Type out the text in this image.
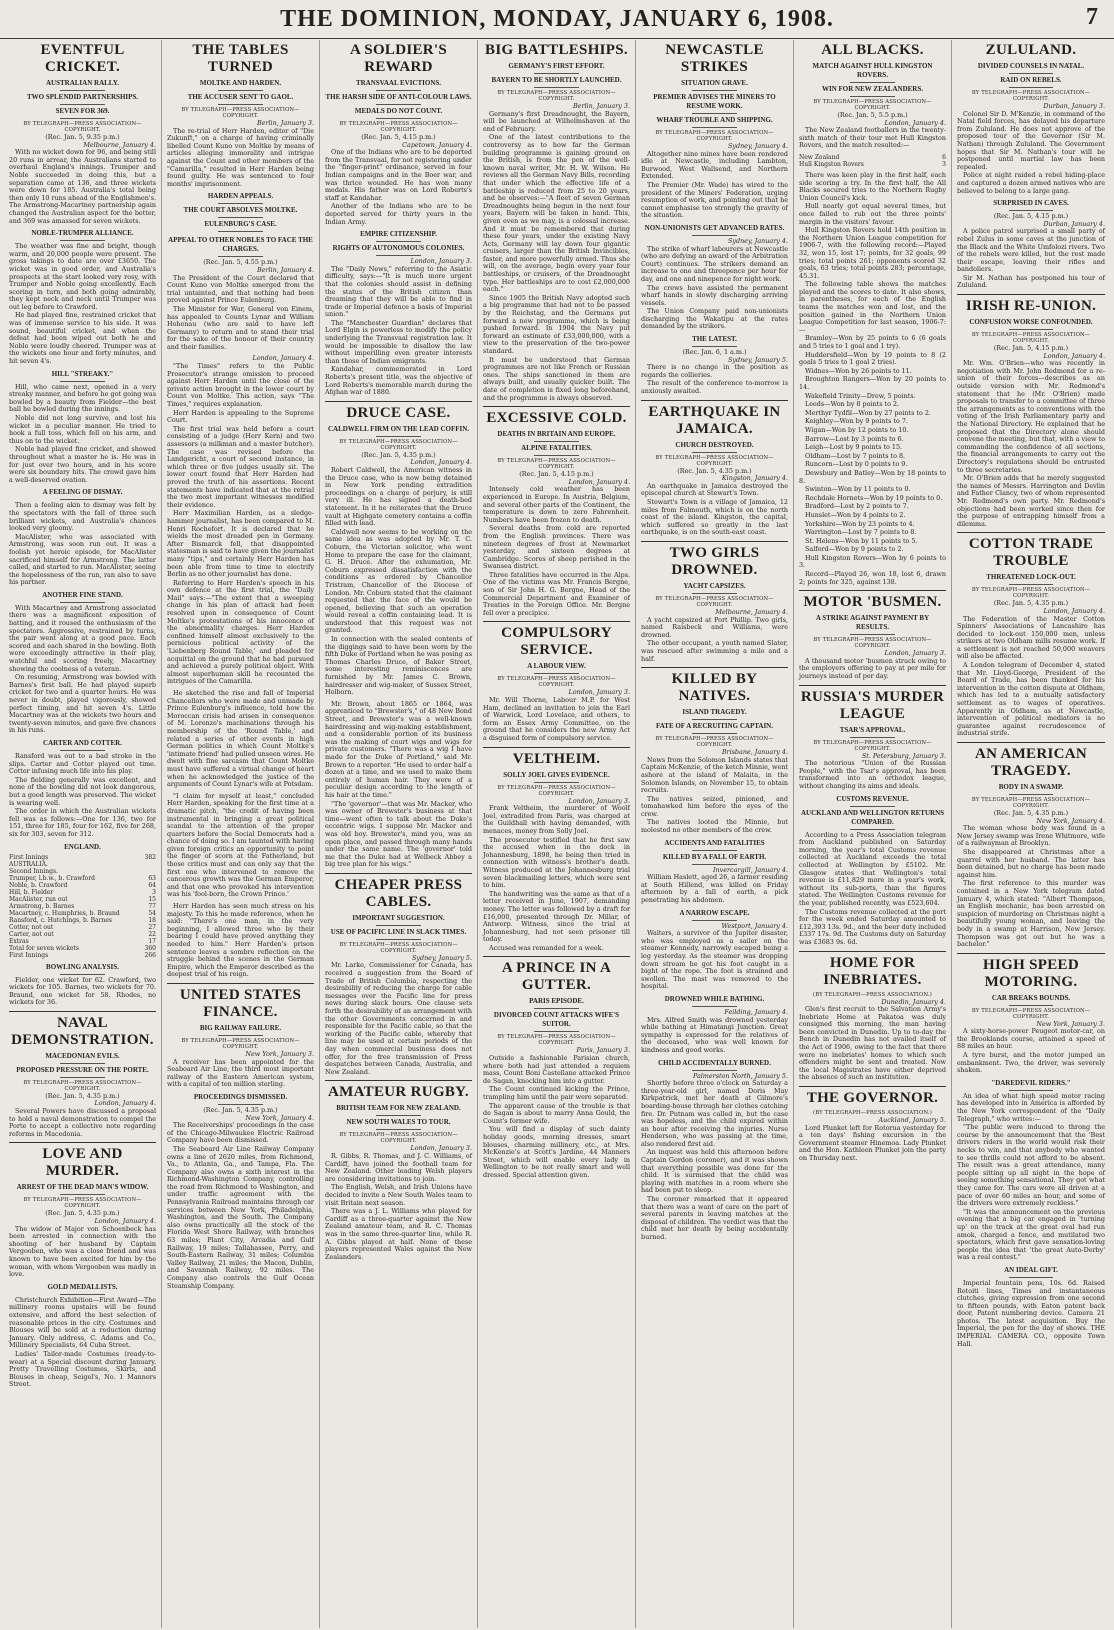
THE DOMINION, MONDAY, JANUARY 6, 1908.	7
EVENTFUL CRICKET.
AUSTRALIAN RALLY.
TWO SPLENDID PARTNERSHIPS.
SEVEN FOR 369.
BY TELEGRAPH—PRESS ASSOCIATION—COPYRIGHT.
(Rec. Jan. 5, 9.35 p.m.)
Melbourne, January 4.
With no wicket down for 96, and being still 20 runs in arrear, the Australians started to overhaul England's innings. Trumper and Noble succeeded in doing this, but a separation came at 136, and three wickets were down for 185. Australia's total being then only 10 runs ahead of the Englishmen's. The Armstrong-Macartney partnership again changed the Australian aspect for the better, and 369 was amassed for seven wickets.
NOBLE-TRUMPER ALLIANCE.
The weather was fine and bright, though warm, and 20,000 people were present. The gross takings to date are over £3650. The wicket was in good order, and Australia's prospects at the start looked very rosy, with Trumper and Noble going excellently. Each scoring in turn, and both going admirably, they kept neck and neck until Trumper was out leg before to Crawford.
He had played fine, restrained cricket that was of immense service to his side. It was sound, beautiful cricket, and when the defeat had been wiped out both he and Noble were loudly cheered. Trumper was at the wickets one hour and forty minutes, and hit seven 4's.
HILL "STREAKY."
Hill, who came next, opened in a very streaky manner, and before he got going was bowled by a beauty from Fielder—the best ball he bowled during the innings.
Noble did not long survive, and lost his wicket in a peculiar manner. He tried to hook a full toss, which fell on his arm, and thus on to the wicket.
Noble had played fine cricket, and showed throughout what a master he is. He was in for just over two hours, and in his score were six boundary hits. The crowd gave him a well-deserved ovation.
A FEELING OF DISMAY.
Then a feeling akin to dismay was felt by the spectators with the fall of three such brilliant wickets, and Australia's chances looked very gloomy.
MacAlister, who was associated with Armstrong, was soon run out. It was a foolish yet heroic episode, for MacAlister sacrificed himself for Armstrong. The latter called, and started to run. MacAlister, seeing the hopelessness of the run, ran also to save his partner.
ANOTHER FINE STAND.
With Macartney and Armstrong associated there was a magnificent exposition of batting, and it roused the enthusiasm of the spectators. Aggressive, restrained by turns, the pair went along at a good pace. Each scored and each shared in the bowling. Both were exceedingly attractive in their play, watchful and scoring freely, Macartney showing the coolness of a veteran.
On resuming, Armstrong was bowled with Barnes's first ball. He had played superb cricket for two and a quarter hours. He was never in doubt, played vigorously, showed perfect timing, and hit seven 4's. Little Macartney was at the wickets two hours and twenty-seven minutes, and gave five chances in his runs.
CARTER AND COTTER.
Ransford was out to a bad stroke in the slips. Carter and Cotter played out time. Cotter infusing much life into his play.
The fielding generally was excellent, and none of the bowling did not look dangerous, but a good length was preserved. The wicket is wearing well.
The order in which the Australian wickets fell was as follows:—One for 136, two for 151, three for 185, four for 162, five for 268, six for 303, seven for 312.
ENGLAND.
First Innings	382
AUSTRALIA.	
Second Innings.	
Trumper, l.b.w., b. Crawford	63
Noble, b. Crawford	64
Hill, b. Fielder	3
MacAlister, run out	15
Armstrong, b. Barnes	77
Macartney, c. Humphries, b. Braund	54
Ransford, c. Hutchings, b. Barnes	18
Cotter, not out	27
Carter, not out	22
Extras	17
Total for seven wickets	360
First Innings	266
BOWLING ANALYSIS.
Fielder, one wicket for 62. Crawford, two wickets for 105. Barnes, two wickets for 70. Braund, one wicket for 58. Rhodes, no wickets for 36.
NAVAL DEMONSTRATION.
MACEDONIAN EVILS.
PROPOSED PRESSURE ON THE PORTE.
BY TELEGRAPH—PRESS ASSOCIATION—COPYRIGHT.
(Rec. Jan. 5, 4.35 p.m.)
London, January 4.
Several Powers have discussed a proposal to hold a naval demonstration to compel the Porte to accept a collective note regarding reforms in Macedonia.
LOVE AND MURDER.
ARREST OF THE DEAD MAN'S WIDOW.
BY TELEGRAPH—PRESS ASSOCIATION—COPYRIGHT.
(Rec. Jan. 5, 4.35 p.m.)
London, January 4.
The widow of Major von Schoenbeck has been arrested in connection with the shooting of her husband by Captain Vergooben, who was a close friend and was known to have been excited for him by the woman, with whom Vergooben was madly in love.
GOLD MEDALLISTS.
Christchurch Exhibition—First Award—The millinery rooms upstairs will be found extensive, and afford the best selection of reasonable prices in the city. Costumes and Blouses will be sold at a reduction during January. Only address, C. Adams and Co., Millinery Specialists, 64 Cuba Street.
Ladies' Tailor-made Costumes (ready-to-wear) at a Special discount during January. Pretty Travelling Costumes, Skirts, and Blouses in cheap, Seigel's, No. 1 Manners Street.
THE TABLES TURNED
MOLTKE AND HARDEN.
THE ACCUSER SENT TO GAOL.
BY TELEGRAPH—PRESS ASSOCIATION—COPYRIGHT.
Berlin, January 3.
The re-trial of Herr Harden, editor of "Die Zukunft," on a charge of having criminally libelled Count Kuno von Moltke by means of articles alleging immorality and intrigue against the Count and other members of the "Camarilla," resulted in Herr Harden being found guilty. He was sentenced to four months' imprisonment.
HARDEN APPEALS.
THE COURT ABSOLVES MOLTKE.
EULENBURG'S CASE.
APPEAL TO OTHER NOBLES TO FACE THE CHARGES.
(Rec. Jan. 5, 4.55 p.m.)
Berlin, January 4.
The President of the Court declared that Count Kuno von Moltke emerged from the trial untainted, and that nothing had been proved against Prince Eulenburg.
The Minister for War, General von Einem, has appealed to Counts Lynar and William Hohenau (who are said to have left Germany) to return and to stand their trial for the sake of the honour of their country and their families.
London, January 4.
"The Times" refers to the Public Prosecutor's strange omission to proceed against Herr Harden until the close of the private action brought in the lower court by Count von Moltke. This action, says "The Times," requires explanation.
Herr Harden is appealing to the Supreme Court.
The first trial was held before a court consisting of a judge (Herr Kern) and two assessors (a milkman and a master butcher). The case was revised before the Landgericht, a court of second instance, in which three or five judges usually sit. The lower court found that Herr Harden had proved the truth of his assertions. Recent statements have indicated that at the retrial the two most important witnesses modified their evidence.
Herr Maximilian Harden, as a sledge-hammer journalist, has been compared to M. Henri Rochefort. It is declared that he wields the most dreaded pen in Germany. After Bismarck fell, that disappointed statesman is said to have given the journalist many "tips," and certainly Herr Harden has been able from time to time to electrify Berlin as no other journalist has done.
Referring to Herr Harden's speech in his own defence at the first trial, the "Daily Mail" says:—"The extent that a sweeping change in his plan of attack had been resolved upon in consequence of Count Moltke's protestations of his innocence of the abnormality charges. Herr Harden confined himself almost exclusively to the pernicious political activity of the 'Liebenberg Round Table,' and pleaded for acquittal on the ground that he had pursued and achieved a purely political object. With almost superhuman skill he recounted the intrigues of the Camarilla.
He sketched the rise and fall of Imperial Chancellors who were made and unmade by Prince Eulenburg's influence, told how the Moroccan crisis had arisen in consequence of M. Lorenze's machinations through his membership of the 'Round Table,' and related a series of other events in high German politics in which Count Moltke's 'intimate friend' had pulled unseen wires. He dwelt with fine sarcasm that Count Moltke must have suffered a virtual change of heart when he acknowledged the justice of the arguments of Count Lynar's wife at Potsdam.
"I claim for myself at least," concluded Herr Harden, speaking for the first time at a dramatic pitch, "the credit of having been instrumental in bringing a great political scandal to the attention of the proper quarters before the Social Democrats had a chance of doing so. I am taunted with having given foreign critics an opportunity to point the finger of scorn at the Fatherland, but those critics must and can only say that the first one who intervened to remove the cancerous growth was the German Emperor, and that one who provoked his intervention was his 'fool-born, the Crown Prince.'
Herr Harden has seen much stress on his majesty. To this he made reference, when he said: "There's one man, in the very beginning, I allowed three who by their bearing I could have proved anything they needed to him." Herr Harden's prison sentence leaves a sombre reflection on the struggle behind the scenes in the German Empire, which the Emperor described as the deepest trial of his reign.
UNITED STATES FINANCE.
BIG RAILWAY FAILURE.
BY TELEGRAPH—PRESS ASSOCIATION—COPYRIGHT.
New York, January 3.
A receiver has been appointed for the Seaboard Air Line, the third most important railway of the Eastern American system, with a capital of ten million sterling.
PROCEEDINGS DISMISSED.
(Rec. Jan. 5, 4.35 p.m.)
New York, January 4.
The Receiverships' proceedings in the case of the Chicago-Milwaukee Electric Railroad Company have been dismissed.
The Seaboard Air Line Railway Company owns a line of 2620 miles, from Richmond, Va., to Atlanta, Ga., and Tampa, Fla. The Company also owns a sixth interest in the Richmond-Washington Company, controlling the road from Richmond to Washington, and under traffic agreement with the Pennsylvania Railroad maintains through car services between New York, Philadelphia, Washington, and the South. The Company also owns practically all the stock of the Florida West Shore Railway, with branches 63 miles; Plant City, Arcadia and Gulf Railway, 19 miles; Tallahassee, Perry, and South-Eastern Railway, 31 miles; Columbia Valley Railway, 21 miles; the Macon, Dublin, and Savannah Railway, 92 miles. The Company also controls the Gulf Ocean Steamship Company.
A SOLDIER'S REWARD
TRANSVAAL EVICTIONS.
THE HARSH SIDE OF ANTI-COLOUR LAWS.
MEDALS DO NOT COUNT.
BY TELEGRAPH—PRESS ASSOCIATION—COPYRIGHT.
(Rec. Jan. 5, 4.15 p.m.)
Capetown, January 4.
One of the Indians who are to be deported from the Transvaal, for not registering under the "finger-print" ordinance, served in four Indian campaigns and in the Boer war, and was thrice wounded. He has won many medals. His father was on Lord Roberts's staff at Kandahar.
Another of the Indians who are to be deported served for thirty years in the Indian Army.
EMPIRE CITIZENSHIP.
RIGHTS OF AUTONOMOUS COLONIES.
London, January 3.
The "Daily News," referring to the Asiatic difficulty, says:—"It is much more urgent that the colonies should assist in defining the status of the British citizen than dreaming that they will be able to find in trade or Imperial defence a basis of Imperial union."
The "Manchester Guardian" declares that Lord Elgin is powerless to modify the policy underlying the Transvaal registration law. It would be impossible to disallow the law without imperilling even greater interests than those of Indian emigrants.
Kandahar, commemorated in Lord Roberts's present title, was the objective of Lord Roberts's memorable march during the Afghan war of 1880.
DRUCE CASE.
CALDWELL FIRM ON THE LEAD COFFIN.
BY TELEGRAPH—PRESS ASSOCIATION—COPYRIGHT.
(Rec. Jan. 5, 4.35 p.m.)
London, January 4.
Robert Caldwell, the American witness in the Druce case, who is now being detained in New York pending extradition proceedings on a charge of perjury, is still very ill. He has signed a death-bed statement. In it he reiterates that the Druce vault at Highgate cemetery contains a coffin filled with lead.
Caldwell now seems to be working on the same idea as was adopted by Mr. T. C. Coburn, the Victorian solicitor, who went Home to prepare the case for the claimant, G. H. Druce. After the exhumation, Mr. Coburn expressed dissatisfaction with the conditions as ordered by Chancellor Tristram, Chancellor of the Diocese of London. Mr. Coburn stated that the claimant requested that the face of the would be opened, believing that such an operation would reveal a coffin containing lead. It is understood that this request was not granted.
In connection with the sealed contents of the diggings said to have been worn by the fifth Duke of Portland when he was posing as Thomas Charles Druce, of Baker Street, some interesting reminiscences are furnished by Mr. James C. Brown, hairdresser and wig-maker, of Sussex Street, Holborn.
Mr. Brown, about 1865 or 1864, was apprenticed to "Brewster's," of 48 New Bond Street, and Brewster's was a well-known hairdressing and wig-making establishment, and a considerable portion of its business was the making of court wigs and wigs for private customers. "There was a wig I have made for the Duke of Portland," said Mr. Brown to a reporter. "He used to order half a dozen at a time, and we used to make them entirely of human hair. They were of a peculiar design according to the length of his hair at the time."
"The 'governor'—that was Mr. Macker, who was owner of Brewster's business at that time—went often to talk about the Duke's eccentric wigs. I suppose Mr. Macker and was old boy. Brewster's, mind you, was an open place, and passed through many hands under the same name. The 'governor' told me that the Duke had at Welbeck Abbey a big tree plan for his wigs."
CHEAPER PRESS CABLES.
IMPORTANT SUGGESTION.
USE OF PACIFIC LINE IN SLACK TIMES.
BY TELEGRAPH—PRESS ASSOCIATION—COPYRIGHT.
Sydney, January 5.
Mr. Larke, Commissioner for Canada, has received a suggestion from the Board of Trade of British Columbia, respecting the desirability of reducing the charge for cable messages over the Pacific line for press news during slack hours. One clause sets forth the desirability of an arrangement with the other Governments concerned in and responsible for the Pacific cable, so that the working of the Pacific cable, whereby that line may be used at certain periods of the day when commercial business does not offer, for the free transmission of Press despatches between Canada, Australia, and New Zealand.
AMATEUR RUGBY.
BRITISH TEAM FOR NEW ZEALAND.
NEW SOUTH WALES TO TOUR.
BY TELEGRAPH—PRESS ASSOCIATION—COPYRIGHT.
London, January 3.
R. Gibbs, R. Thomas, and J. C. Williams, of Cardiff, have joined the football team for New Zealand. Other leading Welsh players are considering invitations to join.
The English, Welsh, and Irish Unions have decided to invite a New South Wales team to visit Britain next season.
There was a J. L. Williams who played for Cardiff as a three-quarter against the New Zealand amateur team, and R. C. Thomas was in the same three-quarter line, while R. A. Gibbs played at half. None of these players represented Wales against the New Zealanders.
BIG BATTLESHIPS.
GERMANY'S FIRST EFFORT.
BAYERN TO BE SHORTLY LAUNCHED.
BY TELEGRAPH—PRESS ASSOCIATION—COPYRIGHT.
Berlin, January 3.
Germany's first Dreadnought, the Bayern, will be launched at Wilhelmshaven at the end of February.
One of the latest contributions to the controversy as to how far the German building programme is gaining ground on the British, is from the pen of the well-known naval writer, Mr. H. W. Wilson. He reviews all the German Navy Bills, recording that under which the effective life of a battleship is reduced from 25 to 20 years, and he observes:—"A fleet of seven German Dreadnoughts being begun in the next four years, Bayern will be taken in hand. This, given even as we may, is a colossal increase. And it must be remembered that during these four years, under the existing Navy Acts, Germany will lay down four gigantic cruisers, larger than the British Invincibles, faster, and more powerfully armed. Thus she will, on the average, begin every year four battleships, or cruisers, of the Dreadnought type. Her battleships are to cost £2,000,000 each."
Since 1905 the British Navy adopted such a big programme that had not to be passed by the Reichstag, and the Germans put forward a new programme, which is being pushed forward. In 1904 the Navy put forward an estimate of £33,000,000, with a view to the preservation of the two-power standard.
It must be understood that German programmes are not like French or Russian ones. The ships sanctioned in them are always built, and usually quicker built. The date of completion is fixed long beforehand, and the programme is always observed.
EXCESSIVE COLD.
DEATHS IN BRITAIN AND EUROPE.
ALPINE FATALITIES.
BY TELEGRAPH—PRESS ASSOCIATION—COPYRIGHT.
(Rec. Jan. 5, 4.15 p.m.)
London, January 4.
Intensely cold weather has been experienced in Europe. In Austria, Belgium, and several other parts of the Continent, the temperature is down to zero Fahrenheit. Numbers have been frozen to death.
Several deaths from cold are reported from the English provinces. There was nineteen degrees of frost at Newmarket yesterday, and sixteen degrees at Cambridge. Scores of sheep perished in the Swansea district.
Three fatalities have occurred in the Alps. One of the victims was Mr. Francis Bergne, son of Sir John H. G. Bergne, Head of the Commercial Department and Examiner of Treaties in the Foreign Office. Mr. Bergne fell over a precipice.
COMPULSORY SERVICE.
A LABOUR VIEW.
BY TELEGRAPH—PRESS ASSOCIATION—COPYRIGHT.
London, January 3.
Mr. Will Thorne, Labour M.P. for West Ham, declined an invitation to join the Earl of Warwick, Lord Lovelace, and others, to form an Essex Army Committee, on the ground that he considers the new Army Act a disguised form of compulsory service.
VELTHEIM.
SOLLY JOEL GIVES EVIDENCE.
BY TELEGRAPH—PRESS ASSOCIATION—COPYRIGHT.
London, January 3.
Frank Veltheim, the murderer of Woolf Joel, extradited from Paris, was charged at the Guildhall with having demanded, with menaces, money from Solly Joel.
The prosecutor testified that he first saw the accused when in the dock in Johannesburg, 1898, he being then tried in connection with witness's brother's death. Witness produced at the Johannesburg trial seven blackmailing letters, which were sent to him.
The handwriting was the same as that of a letter received in June, 1907, demanding money. The letter was followed by a draft for £16,000, presented through Dr. Millar, of Antwerp. Witness, since the trial at Johannesburg, had not seen prisoner till today.
Accused was remanded for a week.
A PRINCE IN A GUTTER.
PARIS EPISODE.
DIVORCED COUNT ATTACKS WIFE'S SUITOR.
BY TELEGRAPH—PRESS ASSOCIATION—COPYRIGHT.
Paris, January 3.
Outside a fashionable Parisian church, where both had just attended a requiem mass, Count Boni Castellane attacked Prince de Sagan, knocking him into a gutter.
The Count continued kicking the Prince, trampling him until the pair were separated.
The apparent cause of the trouble is that de Sagan is about to marry Anna Gould, the Count's former wife.
You will find a display of such dainty holiday goods, morning dresses, smart blouses, charming millinery, etc., at Mrs. McKenzie's at Scott's Jardine, 44 Manners Street, which will enable every lady in Wellington to be not really smart and well dressed. Special attention given.
NEWCASTLE STRIKES
SITUATION GRAVE.
PREMIER ADVISES THE MINERS TO RESUME WORK.
WHARF TROUBLE AND SHIPPING.
BY TELEGRAPH—PRESS ASSOCIATION—COPYRIGHT.
Sydney, January 4.
Altogether nine mines have been rendered idle at Newcastle, including Lambton, Burwood, West Wallsend, and Northern Extended.
The Premier (Mr. Wade) has wired to the president of the Miners' Federation, urging resumption of work, and pointing out that he cannot emphasise too strongly the gravity of the situation.
NON-UNIONISTS GET ADVANCED RATES.
Sydney, January 4.
The strike of wharf labourers at Newcastle (who are defying an award of the Arbitration Court) continues. The strikers demand an increase to one and threepence per hour for day, and one and ninepence for night work.
The crews have assisted the permanent wharf hands in slowly discharging arriving vessels.
The Union Company paid non-unionists discharging the Wakatipu at the rates demanded by the strikers.
THE LATEST.
(Rec. Jan. 6, 1 a.m.)
Sydney, January 5.
There is no change in the position as regards the collieries.
The result of the conference to-morrow is anxiously awaited.
EARTHQUAKE IN JAMAICA.
CHURCH DESTROYED.
BY TELEGRAPH—PRESS ASSOCIATION—COPYRIGHT.
(Rec. Jan. 5, 4.35 p.m.)
Kingston, January 4.
An earthquake in Jamaica destroyed the episcopal church at Stewart's Town.
Stewart's Town is a village of Jamaica, 12 miles from Falmouth, which is on the north coast of the island. Kingston, the capital, which suffered so greatly in the last earthquake, is on the south-east coast.
TWO GIRLS DROWNED.
YACHT CAPSIZES.
BY TELEGRAPH—PRESS ASSOCIATION—COPYRIGHT.
Melbourne, January 4.
A yacht capsized at Port Phillip. Two girls, named Raisbeck and Williams, were drowned.
The other occupant, a youth named Slater, was rescued after swimming a mile and a half.
KILLED BY NATIVES.
ISLAND TRAGEDY.
FATE OF A RECRUITING CAPTAIN.
BY TELEGRAPH—PRESS ASSOCIATION—COPYRIGHT.
Brisbane, January 4.
News from the Solomon Islands states that Captain McKenzie, of the ketch Minnie, went ashore at the island of Malaita, in the Solomon Islands, on November 15, to obtain recruits.
The natives seized, pinioned, and tomahawked him before the eyes of the crew.
The natives looted the Minnie, but molested no other members of the crew.
ACCIDENTS AND FATALITIES
KILLED BY A FALL OF EARTH.
Invercargill, January 4.
William Haslett, aged 26, a farmer residing at South Hillend, was killed on Friday afternoon by a fall of earth, a pick penetrating his abdomen.
A NARROW ESCAPE.
Westport, January 4.
Walters, a survivor of the Jupiter disaster, who was employed as a sailer on the steamer Kennedy, narrowly escaped being a leg yesterday. As the steamer was dropping down stream he got his foot caught in a bight of the rope. The foot is strained and swollen. The mast was removed to the hospital.
DROWNED WHILE BATHING.
Feilding, January 4.
Mrs. Alfred Smith was drowned yesterday while bathing at Himatangi Junction. Great sympathy is expressed for the relatives of the deceased, who was well known for kindness and good works.
CHILD ACCIDENTALLY BURNED.
Palmerston North, January 5.
Shortly before three o'clock on Saturday a three-year-old girl, named Doris May Kirkpatrick, met her death at Gilmore's boarding-house through her clothes catching fire. Dr. Putnam was called in, but the case was hopeless, and the child expired within an hour after receiving the injuries. Nurse Henderson, who was passing at the time, also rendered first aid.
An inquest was held this afternoon before Captain Gordon (coroner), and it was shown that everything possible was done for the child. It is surmised that the child was playing with matches in a room where she had been put to sleep.
The coroner remarked that it appeared that there was a want of care on the part of several parents in leaving matches at the disposal of children. The verdict was that the child met her death by being accidentally burned.
ALL BLACKS.
MATCH AGAINST HULL KINGSTON ROVERS.
WIN FOR NEW ZEALANDERS.
BY TELEGRAPH—PRESS ASSOCIATION—COPYRIGHT.
(Rec. Jan. 5, 5.5 p.m.)
London, January 4.
The New Zealand footballers in the twenty-sixth match of their tour met Hull Kingston Rovers, and the match resulted:—
New Zealand	6
Hull Kingston Rovers	3
There was keen play in the first half, each side scoring a try. In the first half, the All Blacks secured tries to the Northern Rugby Union Council's kick.
Hull nearly got equal several times, but once failed to rub out the three points' margin in the visitors' favour.
Hull Kingston Rovers held 14th position in the Northern Union League competition for 1906-7, with the following record:—Played 32, won 15, lost 17; points, for 32 goals, 99 tries; total points 261; opponents scored 32 goals, 63 tries; total points 283; percentage, 45.31.
The following table shows the matches played and the scores to date. It also shows, in parentheses, for each of the English teams the matches won and lost, and the position gained in the Northern Union League Competition for last season, 1906-7:—
Bramley—Won by 25 points to 6 (6 goals and 5 tries to 1 goal and 1 try).
Huddersfield—Won by 19 points to 8 (2 goals 5 tries to 1 goal 2 tries).
Widnes—Won by 26 points to 11.
Broughton Rangers—Won by 20 points to 14.
Wakefield Trinity—Drew, 5 points.
Leeds—Won by 8 points to 2.
Merthyr Tydfil—Won by 27 points to 2.
Keighley—Won by 9 points to 7.
Wigan—Won by 12 points to 10.
Barrow—Lost by 3 points to 6.
Leigh—Lost by 9 points to 15.
Oldham—Lost by 7 points to 8.
Runcorn—Lost by 0 points to 9.
Dewsbury and Batley—Won by 18 points to 8.
Swinton—Won by 11 points to 0.
Rochdale Hornets—Won by 19 points to 0.
Bradford—Lost by 2 points to 7.
Hunslet—Won by 4 points to 2.
Yorkshire—Won by 23 points to 4.
Warrington—Lost by 7 points to 8.
St. Helens—Won by 11 points to 5.
Salford—Won by 9 points to 2.
Hull Kingston Rovers—Won by 6 points to 3.
Record—Played 26, won 18, lost 6, drawn 2; points for 325, against 138.
MOTOR 'BUSMEN.
A STRIKE AGAINST PAYMENT BY RESULTS.
BY TELEGRAPH—PRESS ASSOCIATION—COPYRIGHT.
London, January 3.
A thousand motor 'busmen struck owing to the employers offering to pay at per mile for journeys instead of per day.
RUSSIA'S MURDER LEAGUE
TSAR'S APPROVAL.
BY TELEGRAPH—PRESS ASSOCIATION—COPYRIGHT.
St. Petersburg, January 3.
The notorious "Union of the Russian People," with the Tsar's approval, has been transformed into an orthodox league, without changing its aims and ideals.
CUSTOMS REVENUE.
AUCKLAND AND WELLINGTON RETURNS COMPARED.
According to a Press Association telegram from Auckland published on Saturday morning, the year's total Customs revenue collected at Auckland exceeds the total collected at Wellington by £5102. Mr. Glasgow states that Wellington's total revenue is £11,829 more in a year's work, without its sub-ports, than the figures stated. The Wellington Customs revenue for the year, published recently, was £523,604.
The Customs revenue collected at the port for the week ended Saturday amounted to £12,393 13s. 9d., and the beer duty included £337 17s. 9d. The Customs duty on Saturday was £3683 9s. 6d.
HOME FOR INEBRIATES.
(BY TELEGRAPH—PRESS ASSOCIATION.)
Dunedin, January 4.
Glen's first recruit to the Salvation Army's Inebriate Home at Pakatoa was duly consigned this morning, the man having been convicted in Dunedin. Up to to-day the Bench in Dunedin has not availed itself of the Act of 1906, owing to the fact that there were no inebriates' homes to which such offenders might be sent and treated. Now the local Magistrates have either deprived the absence of such an institution.
THE GOVERNOR.
(BY TELEGRAPH—PRESS ASSOCIATION.)
Auckland, January 5.
Lord Plunket left for Rotorua yesterday for a ten days' fishing excursion in the Government steamer Hinemoa. Lady Plunket and the Hon. Kathleen Plunket join the party on Thursday next.
ZULULAND.
DIVIDED COUNSELS IN NATAL.
RAID ON REBELS.
BY TELEGRAPH—PRESS ASSOCIATION—COPYRIGHT.
Durban, January 3.
Colonel Sir D. M'Kenzie, in command of the Natal field forces, has delayed his departure from Zululand. He does not approve of the proposed tour of the Governor (Sir M. Nathan) through Zululand. The Government hopes that Sir M. Nathan's tour will be postponed until martial law has been repealed.
Police at night raided a rebel hiding-place and captured a dozen armed natives who are believed to belong to a large gang.
SURPRISED IN CAVES.
(Rec. Jan. 5, 4.15 p.m.)
Durban, January 4.
A police patrol surprised a small party of rebel Zulus in some caves at the junction of the Black and the White Umfolozi rivers. Two of the rebels were killed, but the rest made their escape, leaving their rifles and bandoliers.
Sir M. Nathan has postponed his tour of Zululand.
IRISH RE-UNION.
CONFUSION WORSE CONFOUNDED.
BY TELEGRAPH—PRESS ASSOCIATION—COPYRIGHT.
(Rec. Jan. 5, 4.15 p.m.)
London, January 4.
Mr. Wm. O'Brien—who was recently in negotiation with Mr. John Redmond for a re-union of their forces—describes as an outside version with Mr. Redmond's statement that he (Mr. O'Brien) made proposals to transfer to a committee of three the arrangements as to conventions with the voting of the Irish Parliamentary party and the National Directory. He explained that he proposed that the Directory alone should convene the meeting, but that, with a view to commanding the confidence of all sections, the financial arrangements to carry out the Directory's regulations should be entrusted to three secretaries.
Mr. O'Brien adds that he merely suggested the names of Messrs. Harrington and Devlin and Father Clancy, two of whom represented Mr. Redmond's own party. Mr. Redmond's objections had been worked since then for the purpose of entrapping himself from a dilemma.
COTTON TRADE TROUBLE
THREATENED LOCK-OUT.
BY TELEGRAPH—PRESS ASSOCIATION—COPYRIGHT.
(Rec. Jan. 5, 4.35 p.m.)
London, January 4.
The Federation of the Master Cotton Spinners' Associations of Lancashire has decided to lock-out 150,000 men, unless strikers at two Oldham mills resume work. If a settlement is not reached 50,000 weavers will also be affected.
A London telegram of December 4, stated that Mr. Lloyd-George, President of the Board of Trade, has been thanked for his intervention in the cotton dispute at Oldham, which has led to a mutually satisfactory settlement as to wages of operatives. Apparently in Oldham, as at Newcastle, intervention of political mediators is no guarantee against recrudescence of industrial strife.
AN AMERICAN TRAGEDY.
BODY IN A SWAMP.
BY TELEGRAPH—PRESS ASSOCIATION—COPYRIGHT.
(Rec. Jan. 5, 4.35 p.m.)
New York, January 4.
The woman whose body was found in a New Jersey swamp was Irene Whitmore, wife of a railwayman at Brooklyn.
She disappeared at Christmas after a quarrel with her husband. The latter has been detained, but no charge has been made against him.
The first reference to this murder was contained in a New York telegram dated January 4, which stated: "Albert Thompson, an English mechanic, has been arrested on suspicion of murdering on Christmas night a beautifully young woman, and leaving the body in a swamp at Harrison, New Jersey. Thompson was got out but he was a bachelor."
HIGH SPEED MOTORING.
CAR BREAKS BOUNDS.
BY TELEGRAPH—PRESS ASSOCIATION—COPYRIGHT.
New York, January 3.
A sixty-horse-power Peugeot motor-car, on the Brooklands course, attained a speed of 88 miles an hour.
A tyre burst, and the motor jumped an embankment. Two, the driver, was severely shaken.
"DAREDEVIL RIDERS."
An idea of what high speed motor racing has developed into in America is afforded by the New York correspondent of the "Daily Telegraph," who writes:—
"The public were induced to throng the course by the announcement that the 'Best drivers riders in the world would risk their necks to win, and that anybody who wanted to see thrills could not afford to be absent. The result was a great attendance, many people sitting up all night in the hope of seeing something sensational. They got what they came for. The cars were all driven at a pace of over 60 miles an hour, and some of the drivers were extremely reckless."
"It was the announcement on the previous evening that a big car engaged in 'turning up' on the track at the great oval had run amok, charged a fence, and mutilated two spectators, which first gave sensation-loving people the idea that 'the great Auto-Derby' was a real contest."
AN IDEAL GIFT.
Imperial fountain pens, 10s. 6d. Raised Rotoiti lines, Times and instantaneous clutches, giving expression from one second to fifteen pounds, with Eaton patent back door, Patent numbering device. Camera 21 photos. The latest acquisition. Buy the Imperial, the pen for the day of shows. THE IMPERIAL CAMERA CO., opposite Town Hall.
